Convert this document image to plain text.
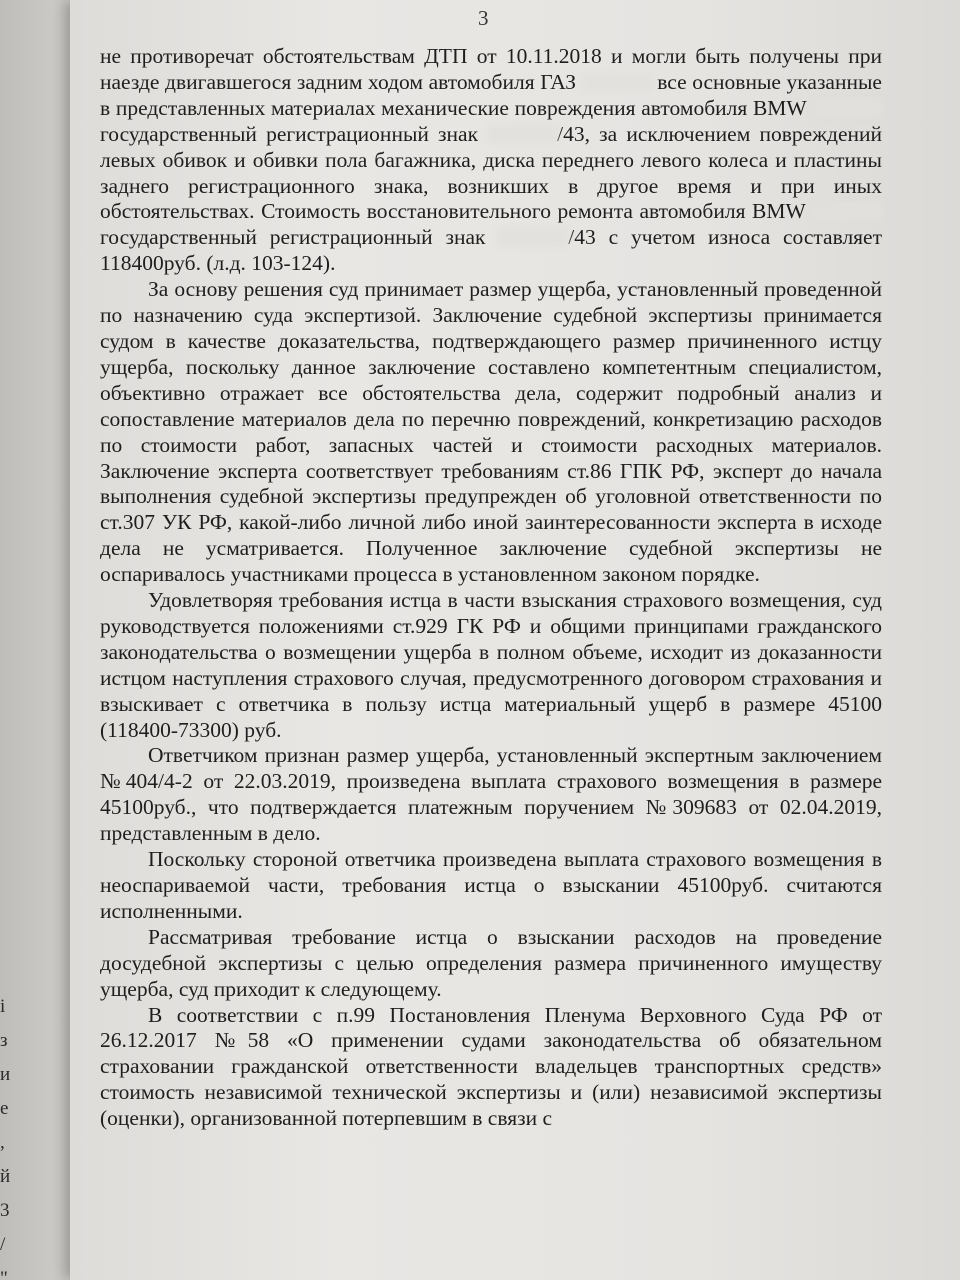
і
з
и
е
,
й
3
/
"
3

не противоречат обстоятельствам ДТП от 10.11.2018 и могли быть получены при наезде двигавшегося задним ходом автомобиля ГАЗ	все основные указанные в представленных материалах механические повреждения автомобиля BMW  государственный регистрационный знак	/43, за исключением повреждений левых обивок и обивки пола багажника, диска переднего левого колеса и пластины заднего регистрационного знака, возникших в другое время и при иных обстоятельствах. Стоимость восстановительного ремонта автомобиля BMW  государственный регистрационный знак	/43 с учетом износа составляет 118400руб. (л.д. 103-124).

За основу решения суд принимает размер ущерба, установленный проведенной по назначению суда экспертизой. Заключение судебной экспертизы принимается судом в качестве доказательства, подтверждающего размер причиненного истцу ущерба, поскольку данное заключение составлено компетентным специалистом, объективно отражает все обстоятельства дела, содержит подробный анализ и сопоставление материалов дела по перечню повреждений, конкретизацию расходов по стоимости работ, запасных частей и стоимости расходных материалов. Заключение эксперта соответствует требованиям ст.86 ГПК РФ, эксперт до начала выполнения судебной экспертизы предупрежден об уголовной ответственности по ст.307 УК РФ, какой-либо личной либо иной заинтересованности эксперта в исходе дела не усматривается. Полученное заключение судебной экспертизы не оспаривалось участниками процесса в установленном законом порядке.

Удовлетворяя требования истца в части взыскания страхового возмещения, суд руководствуется положениями ст.929 ГК РФ и общими принципами гражданского законодательства о возмещении ущерба в полном объеме, исходит из доказанности истцом наступления страхового случая, предусмотренного договором страхования и взыскивает с ответчика в пользу истца материальный ущерб в размере 45100 (118400-73300) руб.

Ответчиком признан размер ущерба, установленный экспертным заключением №404/4-2 от 22.03.2019, произведена выплата страхового возмещения в размере 45100руб., что подтверждается платежным поручением №309683 от 02.04.2019, представленным в дело.

Поскольку стороной ответчика произведена выплата страхового возмещения в неоспариваемой части, требования истца о взыскании 45100руб. считаются исполненными.

Рассматривая требование истца о взыскании расходов на проведение досудебной экспертизы с целью определения размера причиненного имуществу ущерба, суд приходит к следующему.

В соответствии с п.99 Постановления Пленума Верховного Суда РФ от 26.12.2017 №58 «О применении судами законодательства об обязательном страховании гражданской ответственности владельцев транспортных средств» стоимость независимой технической экспертизы и (или) независимой экспертизы (оценки), организованной потерпевшим в связи с
